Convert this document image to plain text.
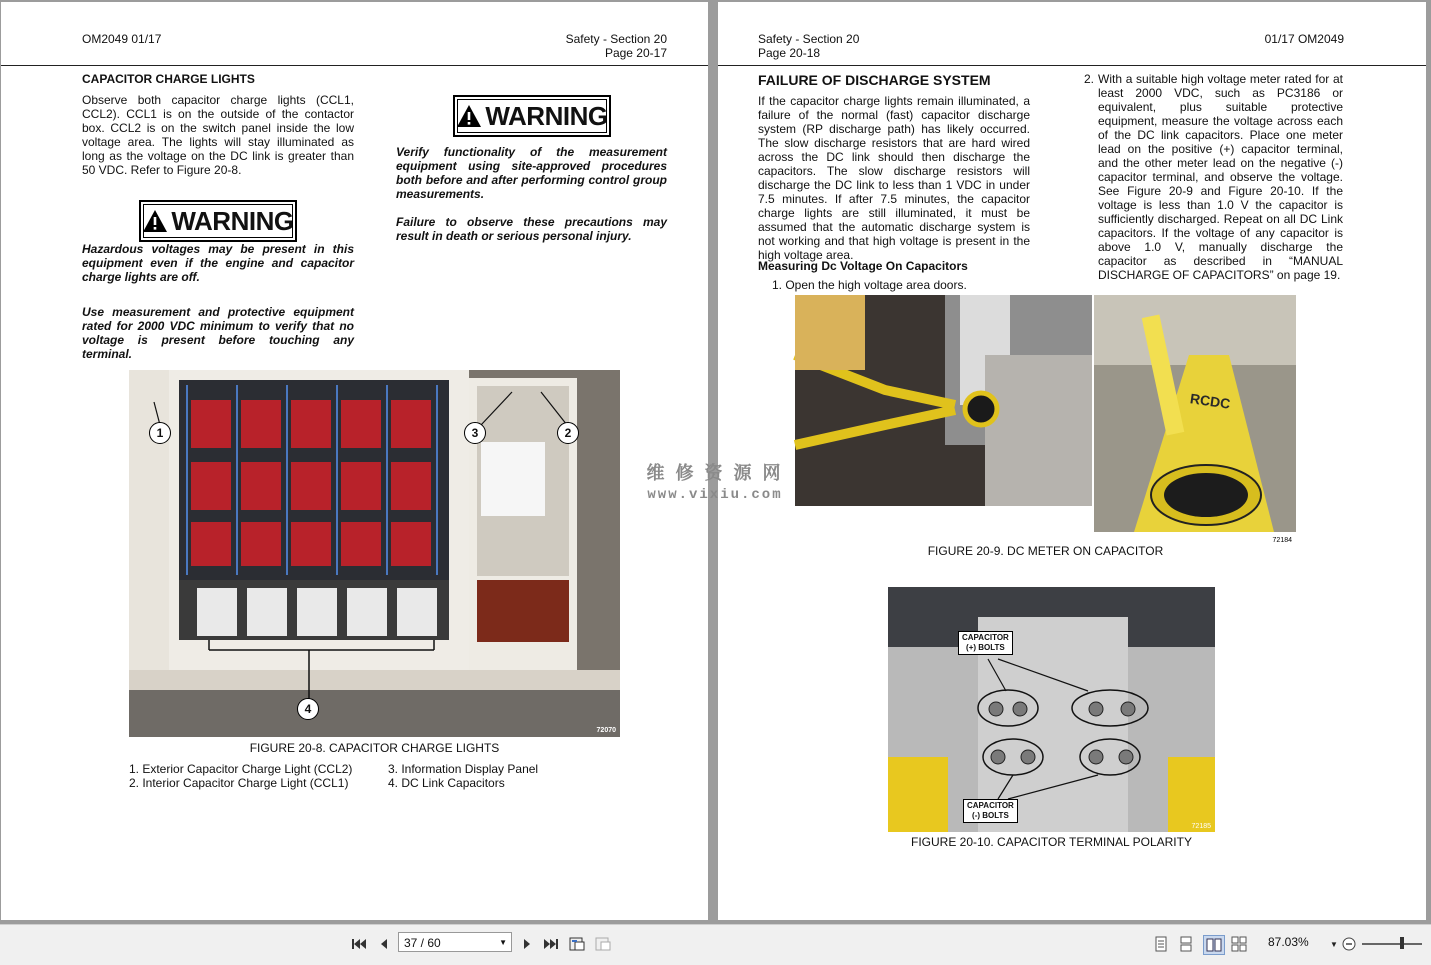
OM2049 01/17	Safety - Section 20
Page 20-17
CAPACITOR CHARGE LIGHTS
Observe both capacitor charge lights (CCL1, CCL2). CCL1 is on the outside of the contactor box. CCL2 is on the switch panel inside the low voltage area. The lights will stay illuminated as long as the voltage on the DC link is greater than 50 VDC. Refer to Figure 20-8.
WARNING
Hazardous voltages may be present in this equipment even if the engine and capacitor charge lights are off.
Use measurement and protective equipment rated for 2000 VDC minimum to verify that no voltage is present before touching any terminal.
WARNING
Verify functionality of the measurement equipment using site-approved procedures both before and after performing control group measurements.
Failure to observe these precautions may result in death or serious personal injury.
1	2
3
4
72070
FIGURE 20-8. CAPACITOR CHARGE LIGHTS
1. Exterior Capacitor Charge Light (CCL2)
2. Interior Capacitor Charge Light (CCL1)
3. Information Display Panel
4. DC Link Capacitors
Safety - Section 20
Page 20-18
01/17 OM2049
FAILURE OF DISCHARGE SYSTEM
If the capacitor charge lights remain illuminated, a failure of the normal (fast) capacitor discharge system (RP discharge path) has likely occurred. The slow discharge resistors that are hard wired across the DC link should then discharge the capacitors. The slow discharge resistors will discharge the DC link to less than 1 VDC in under 7.5 minutes. If after 7.5 minutes, the capacitor charge lights are still illuminated, it must be assumed that the automatic discharge system is not working and that high voltage is present in the high voltage area.
Measuring Dc Voltage On Capacitors
1. Open the high voltage area doors.
2. With a suitable high voltage meter rated for at least 2000 VDC, such as PC3186 or equivalent, plus suitable protective equipment, measure the voltage across each of the DC link capacitors. Place one meter lead on the positive (+) capacitor terminal, and the other meter lead on the negative (-) capacitor terminal, and observe the voltage. See Figure 20-9 and Figure 20-10. If the voltage is less than 1.0 V the capacitor is sufficiently discharged. Repeat on all DC Link capacitors. If the voltage of any capacitor is above 1.0 V, manually discharge the capacitor as described in “MANUAL DISCHARGE OF CAPACITORS” on page 19.
RCDC
72184
FIGURE 20-9. DC METER ON CAPACITOR
CAPACITOR
(+) BOLTS
CAPACITOR
(-) BOLTS
72185
FIGURE 20-10. CAPACITOR TERMINAL POLARITY
维 修 资 源 网
www.vixiu.com
37 / 60	▼	87.03%	▼
